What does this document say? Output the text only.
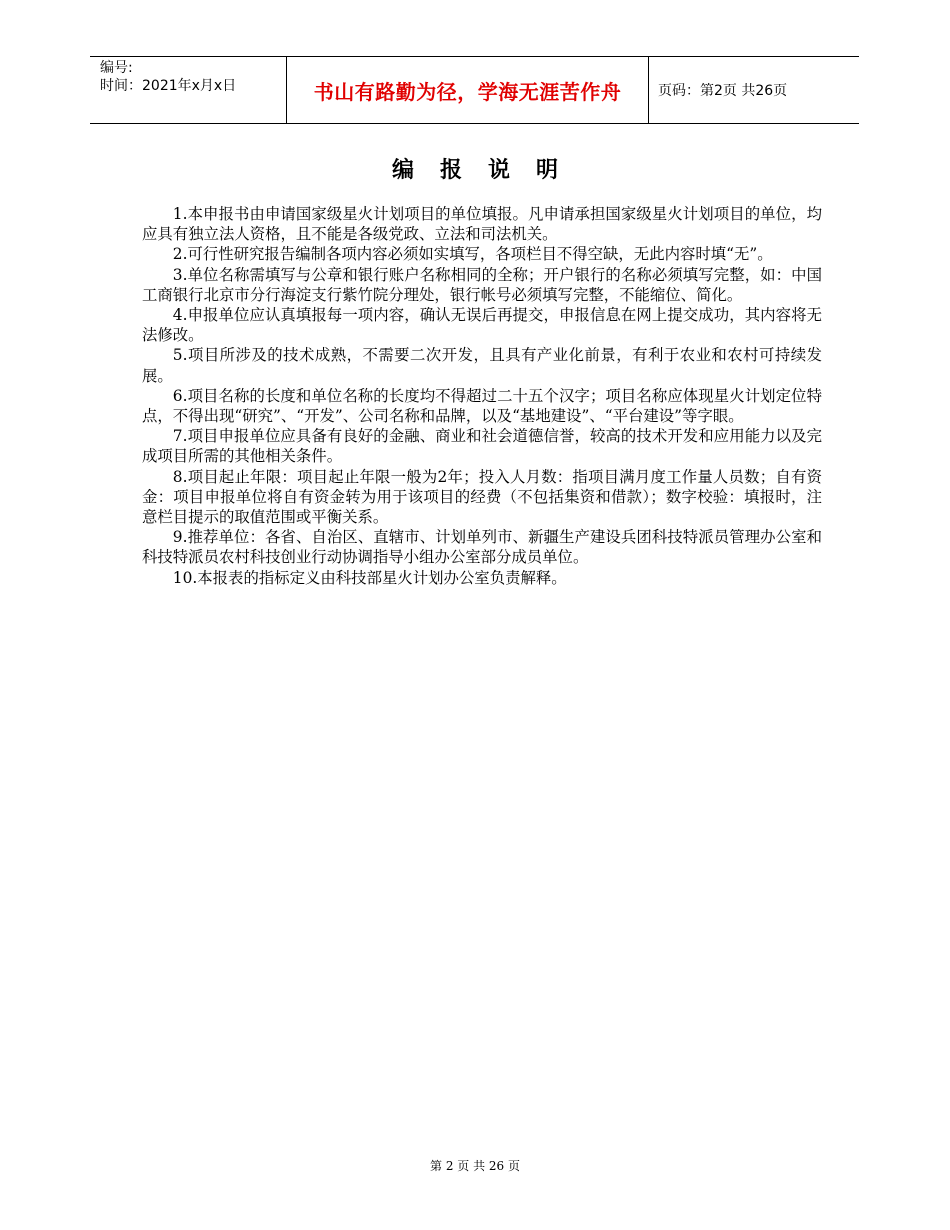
编号:
时间：2021年x月x日	书山有路勤为径，学海无涯苦作舟	页码：第2页 共26页
编报说明

1.本申报书由申请国家级星火计划项目的单位填报。凡申请承担国家级星火计划项目的单位，均应具有独立法人资格，且不能是各级党政、立法和司法机关。

2.可行性研究报告编制各项内容必须如实填写，各项栏目不得空缺，无此内容时填“无”。

3.单位名称需填写与公章和银行账户名称相同的全称；开户银行的名称必须填写完整，如：中国工商银行北京市分行海淀支行紫竹院分理处，银行帐号必须填写完整，不能缩位、简化。

4.申报单位应认真填报每一项内容，确认无误后再提交，申报信息在网上提交成功，其内容将无法修改。

5.项目所涉及的技术成熟，不需要二次开发，且具有产业化前景，有利于农业和农村可持续发展。

6.项目名称的长度和单位名称的长度均不得超过二十五个汉字；项目名称应体现星火计划定位特点，不得出现“研究”、“开发”、公司名称和品牌，以及“基地建设”、“平台建设”等字眼。

7.项目申报单位应具备有良好的金融、商业和社会道德信誉，较高的技术开发和应用能力以及完成项目所需的其他相关条件。

8.项目起止年限：项目起止年限一般为2年；投入人月数：指项目满月度工作量人员数；自有资金：项目申报单位将自有资金转为用于该项目的经费（不包括集资和借款）；数字校验：填报时，注意栏目提示的取值范围或平衡关系。

9.推荐单位：各省、自治区、直辖市、计划单列市、新疆生产建设兵团科技特派员管理办公室和科技特派员农村科技创业行动协调指导小组办公室部分成员单位。

10.本报表的指标定义由科技部星火计划办公室负责解释。

第 2 页 共 26 页
